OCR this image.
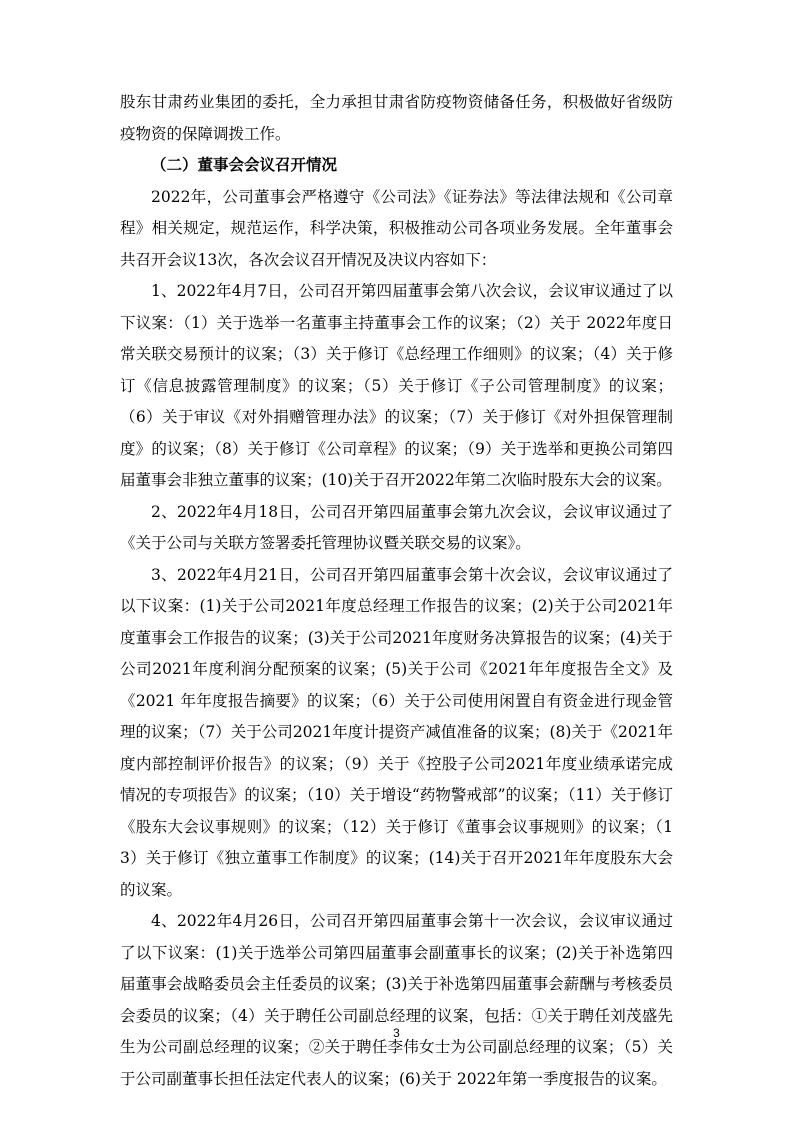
股东甘肃药业集团的委托，全力承担甘肃省防疫物资储备任务，积极做好省级防疫物资的保障调拨工作。

（二）董事会会议召开情况

2022年，公司董事会严格遵守《公司法》《证券法》等法律法规和《公司章程》相关规定，规范运作，科学决策，积极推动公司各项业务发展。全年董事会共召开会议13次，各次会议召开情况及决议内容如下：

1、2022年4月7日，公司召开第四届董事会第八次会议，会议审议通过了以下议案：（1）关于选举一名董事主持董事会工作的议案；（2）关于 2022年度日常关联交易预计的议案；（3）关于修订《总经理工作细则》的议案；（4）关于修订《信息披露管理制度》的议案；（5）关于修订《子公司管理制度》的议案；（6）关于审议《对外捐赠管理办法》的议案；（7）关于修订《对外担保管理制度》的议案；（8）关于修订《公司章程》的议案；（9）关于选举和更换公司第四届董事会非独立董事的议案；(10)关于召开2022年第二次临时股东大会的议案。

2、2022年4月18日，公司召开第四届董事会第九次会议，会议审议通过了《关于公司与关联方签署委托管理协议暨关联交易的议案》。

3、2022年4月21日，公司召开第四届董事会第十次会议，会议审议通过了以下议案：(1)关于公司2021年度总经理工作报告的议案；(2)关于公司2021年度董事会工作报告的议案；(3)关于公司2021年度财务决算报告的议案；(4)关于公司2021年度利润分配预案的议案；(5)关于公司《2021年年度报告全文》及《2021 年年度报告摘要》的议案；（6）关于公司使用闲置自有资金进行现金管理的议案；（7）关于公司2021年度计提资产减值准备的议案；(8)关于《2021年度内部控制评价报告》的议案；（9）关于《控股子公司2021年度业绩承诺完成情况的专项报告》的议案；（10）关于增设“药物警戒部”的议案；（11）关于修订《股东大会议事规则》的议案；（12）关于修订《董事会议事规则》的议案；（13）关于修订《独立董事工作制度》的议案；(14)关于召开2021年年度股东大会的议案。

4、2022年4月26日，公司召开第四届董事会第十一次会议，会议审议通过了以下议案：(1)关于选举公司第四届董事会副董事长的议案；(2)关于补选第四届董事会战略委员会主任委员的议案；(3)关于补选第四届董事会薪酬与考核委员会委员的议案；（4）关于聘任公司副总经理的议案，包括：①关于聘任刘茂盛先生为公司副总经理的议案；②关于聘任李伟女士为公司副总经理的议案；（5）关于公司副董事长担任法定代表人的议案；(6)关于 2022年第一季度报告的议案。

3
